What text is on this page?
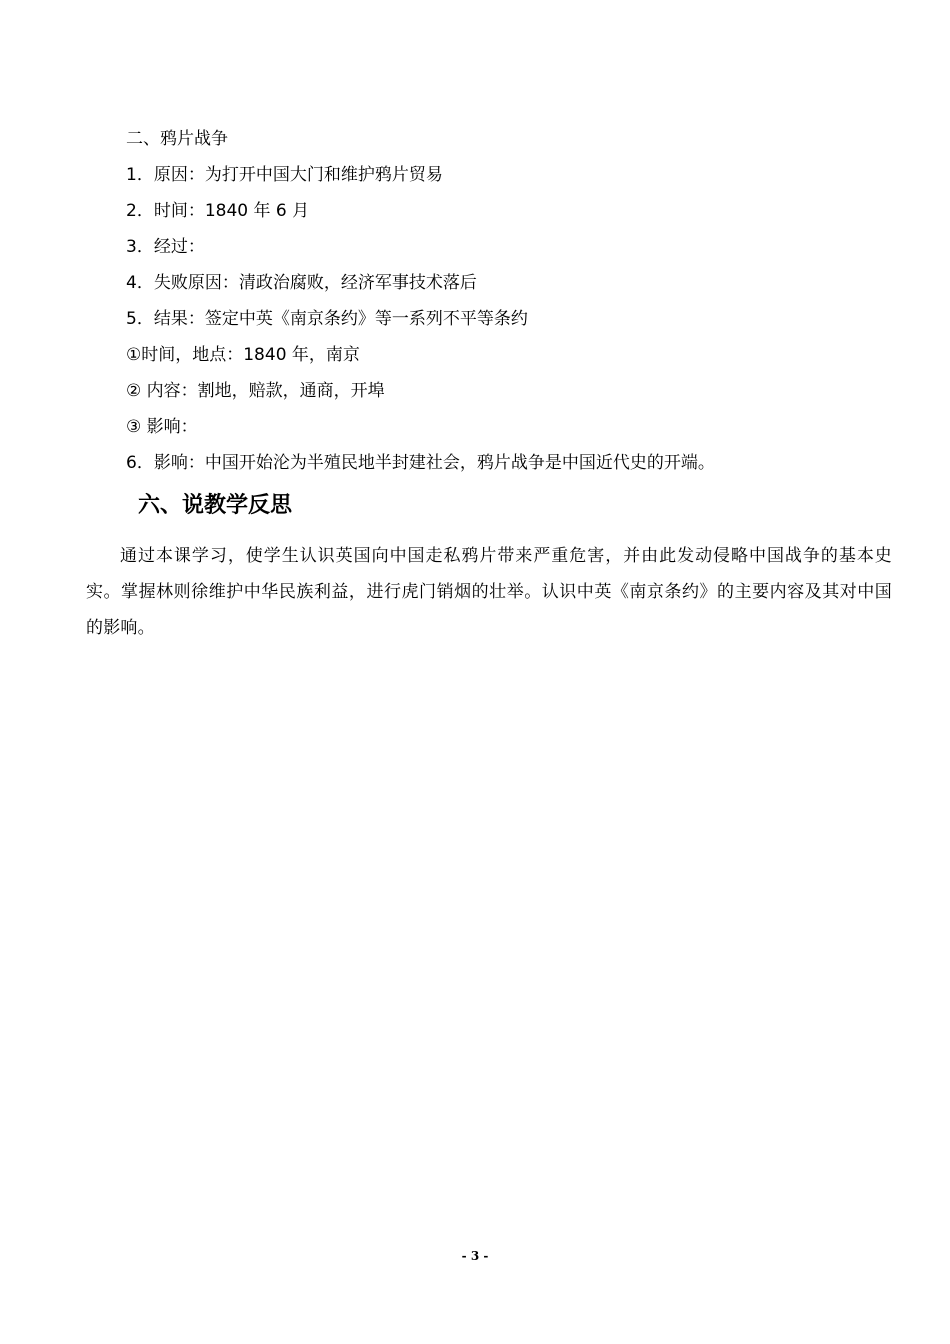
二、鸦片战争
1．原因：为打开中国大门和维护鸦片贸易
2．时间：1840 年 6 月
3．经过：
4．失败原因：清政治腐败，经济军事技术落后
5．结果：签定中英《南京条约》等一系列不平等条约
①时间，地点：1840 年，南京
② 内容：割地，赔款，通商，开埠
③ 影响：
6．影响：中国开始沦为半殖民地半封建社会，鸦片战争是中国近代史的开端。
六、说教学反思
通过本课学习，使学生认识英国向中国走私鸦片带来严重危害，并由此发动侵略中国战争的基本史实。掌握林则徐维护中华民族利益，进行虎门销烟的壮举。认识中英《南京条约》的主要内容及其对中国的影响。
- 3 -
